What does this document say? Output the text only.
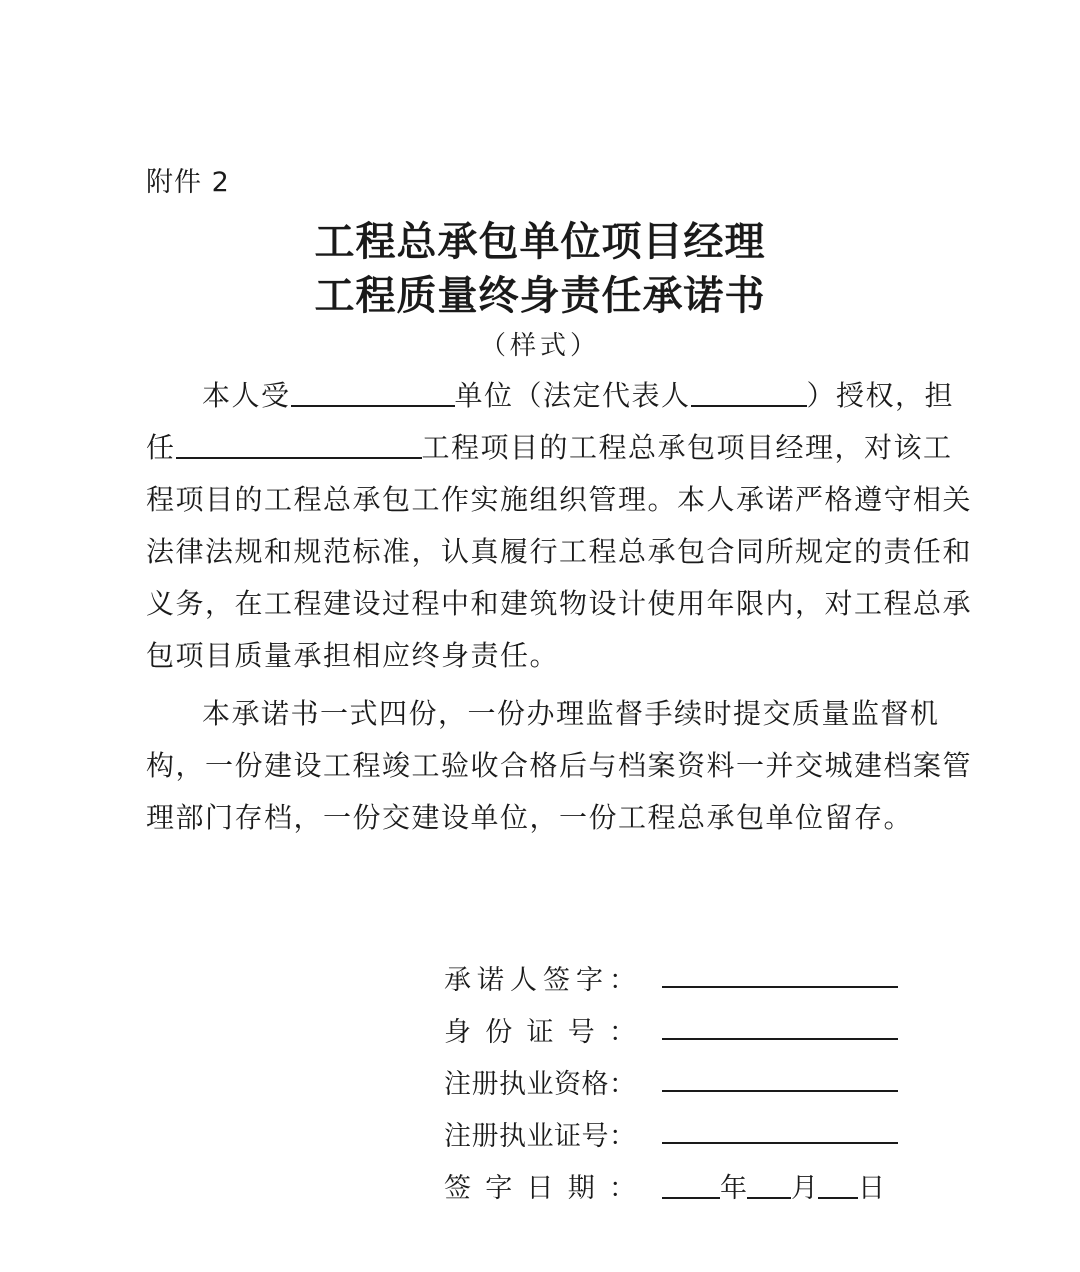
附件 2
工程总承包单位项目经理
工程质量终身责任承诺书
（样式）
本人受	单位（法定代表人	）授权，担
任	工程项目的工程总承包项目经理，对该工
程项目的工程总承包工作实施组织管理。本人承诺严格遵守相关
法律法规和规范标准，认真履行工程总承包合同所规定的责任和
义务，在工程建设过程中和建筑物设计使用年限内，对工程总承
包项目质量承担相应终身责任。
本承诺书一式四份，一份办理监督手续时提交质量监督机
构，一份建设工程竣工验收合格后与档案资料一并交城建档案管
理部门存档，一份交建设单位，一份工程总承包单位留存。
承诺人签字：
身份证号：
注册执业资格：
注册执业证号：
签字日期：	年 月 日
